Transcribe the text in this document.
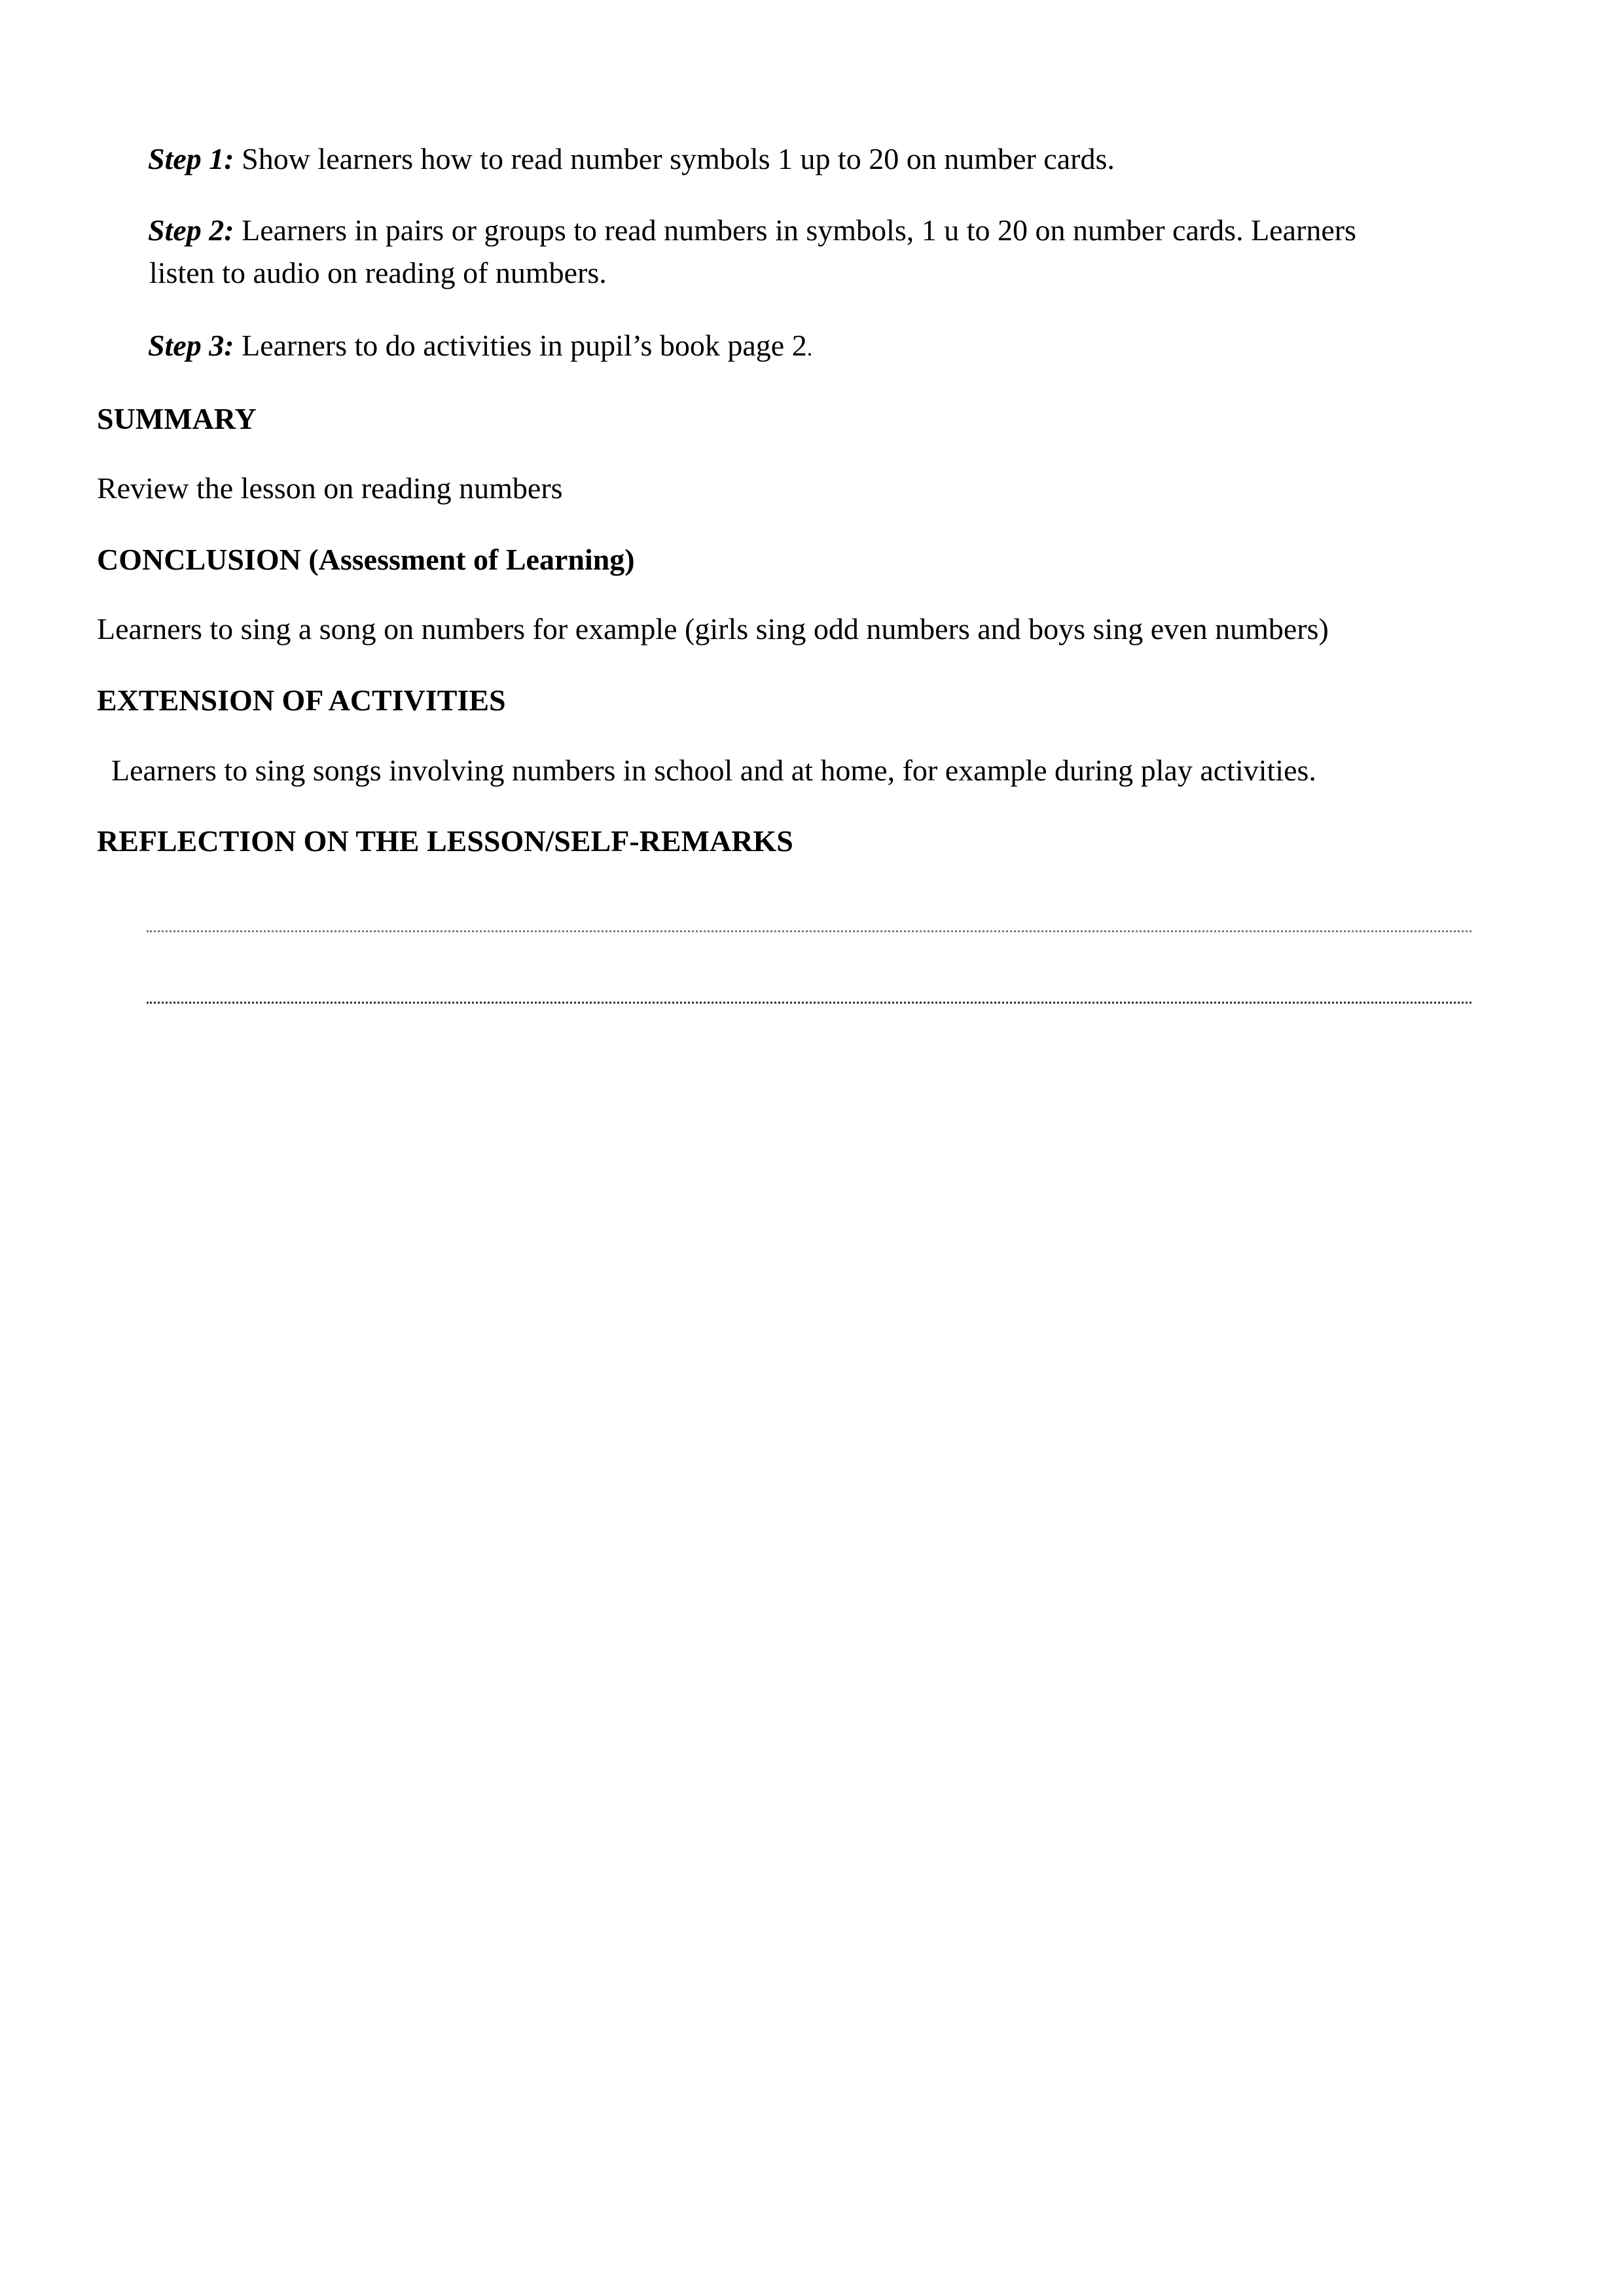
Step 1: Show learners how to read number symbols 1 up to 20 on number cards.

Step 2: Learners in pairs or groups to read numbers in symbols, 1 u to 20 on number cards. Learners

listen to audio on reading of numbers.

Step 3: Learners to do activities in pupil’s book page 2.

SUMMARY

Review the lesson on reading numbers

CONCLUSION (Assessment of Learning)

Learners to sing a song on numbers for example (girls sing odd numbers and boys sing even numbers)

EXTENSION OF ACTIVITIES

Learners to sing songs involving numbers in school and at home, for example during play activities.

REFLECTION ON THE LESSON/SELF-REMARKS
